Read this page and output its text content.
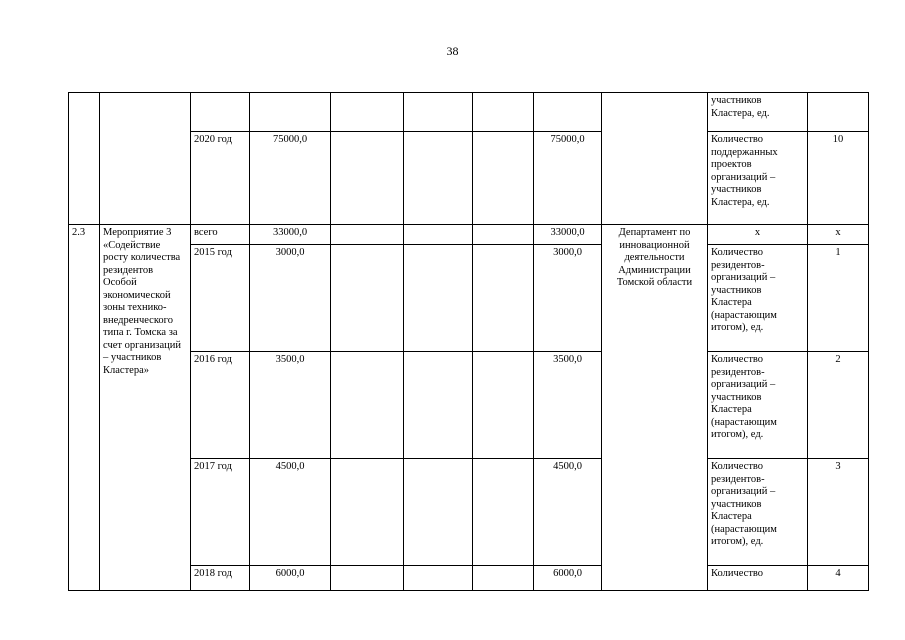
38
									участников Кластера, ед.	
		2020 год	75000,0				75000,0		Количество поддержанных проектов организаций – участников Кластера, ед.	10
2.3	Мероприятие 3 «Содействие росту количества резидентов Особой экономической зоны технико-внедренческого типа г. Томска за счет организаций – участников Кластера»	всего	33000,0				33000,0	Департамент по инновационной деятельности Администрации Томской области	х	х
		2015 год	3000,0				3000,0		Количество резидентов-организаций – участников Кластера (нарастающим итогом), ед.	1
		2016 год	3500,0				3500,0		Количество резидентов-организаций – участников Кластера (нарастающим итогом), ед.	2
		2017 год	4500,0				4500,0		Количество резидентов-организаций – участников Кластера (нарастающим итогом), ед.	3
		2018 год	6000,0				6000,0		Количество	4
